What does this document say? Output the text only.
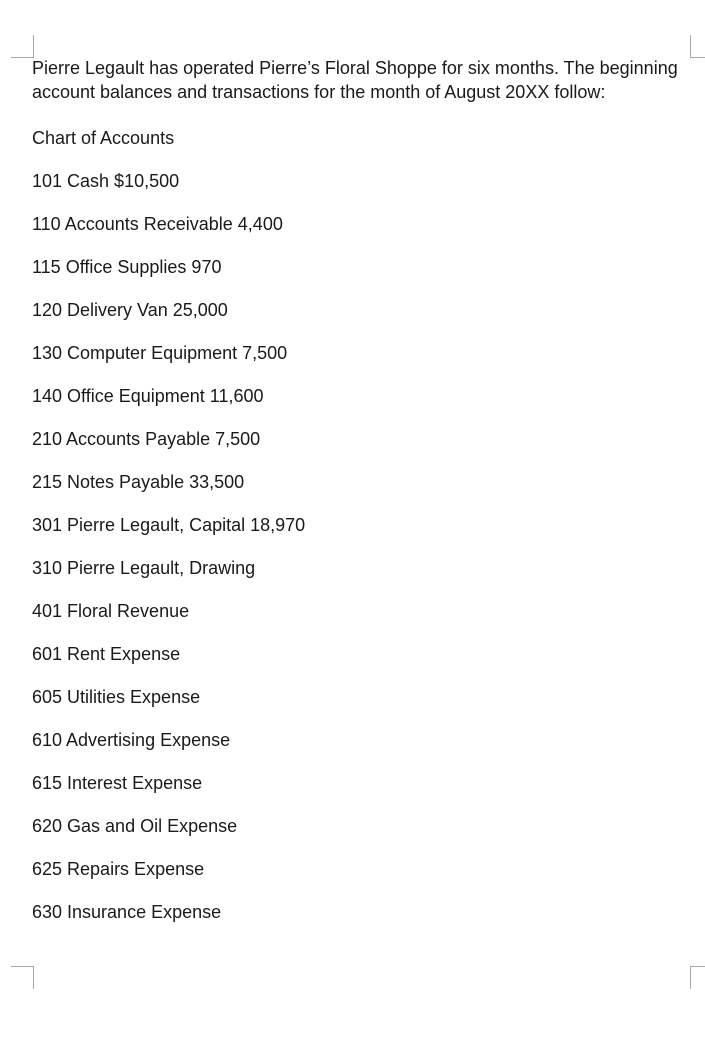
Pierre Legault has operated Pierre’s Floral Shoppe for six months. The beginning account balances and transactions for the month of August 20XX follow:

Chart of Accounts

101 Cash $10,500
110 Accounts Receivable 4,400
115 Office Supplies 970
120 Delivery Van 25,000
130 Computer Equipment 7,500
140 Office Equipment 11,600
210 Accounts Payable 7,500
215 Notes Payable 33,500
301 Pierre Legault, Capital 18,970
310 Pierre Legault, Drawing
401 Floral Revenue
601 Rent Expense
605 Utilities Expense
610 Advertising Expense
615 Interest Expense
620 Gas and Oil Expense
625 Repairs Expense
630 Insurance Expense
